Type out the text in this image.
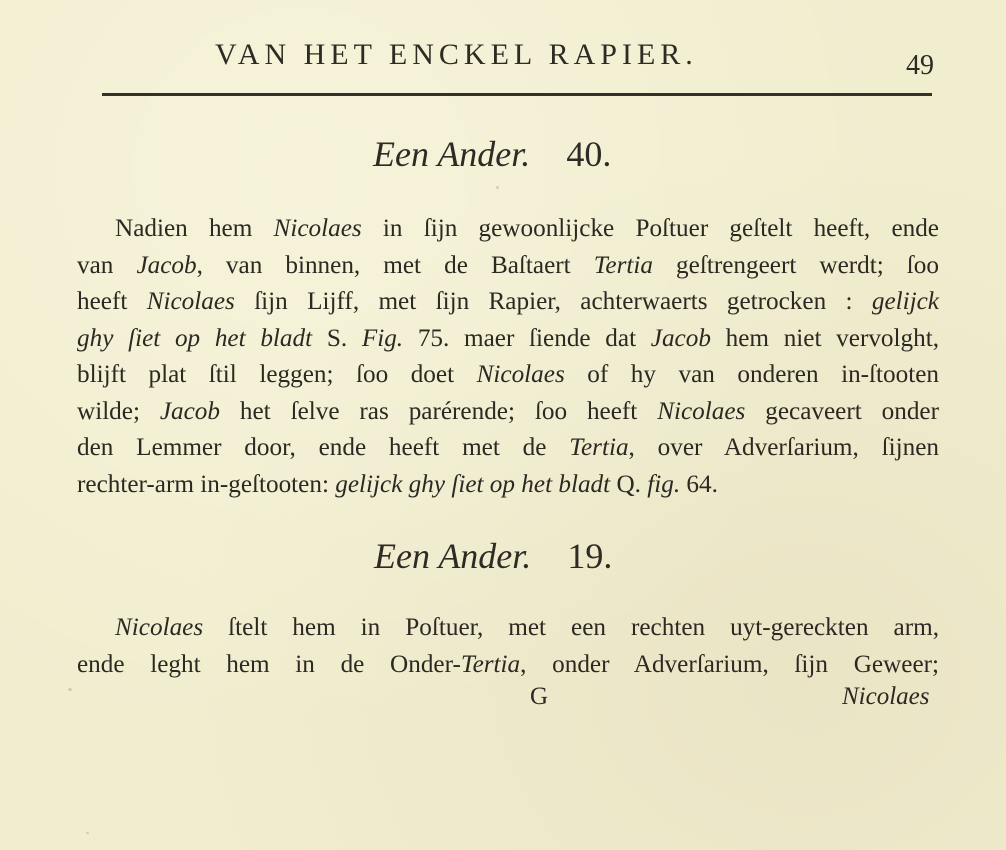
VAN HET ENCKEL RAPIER.	49
Een Ander. 40.
Nadien hem Nicolaes in ſijn gewoonlijcke Poſtuer geſtelt heeft, ende
van Jacob, van binnen, met de Baſtaert Tertia geſtrengeert werdt; ſoo
heeft Nicolaes ſijn Lijff, met ſijn Rapier, achterwaerts getrocken : gelijck
ghy ſiet op het bladt S. Fig. 75. maer ſiende dat Jacob hem niet vervolght,
blijft plat ſtil leggen; ſoo doet Nicolaes of hy van onderen in-ſtooten
wilde; Jacob het ſelve ras parérende; ſoo heeft Nicolaes gecaveert onder
den Lemmer door, ende heeft met de Tertia, over Adverſarium, ſijnen
rechter-arm in-geſtooten: gelijck ghy ſiet op het bladt Q. fig. 64.
Een Ander. 19.
Nicolaes ſtelt hem in Poſtuer, met een rechten uyt-gereckten arm,
ende leght hem in de Onder-Tertia, onder Adverſarium, ſijn Geweer;
G	Nicolaes
